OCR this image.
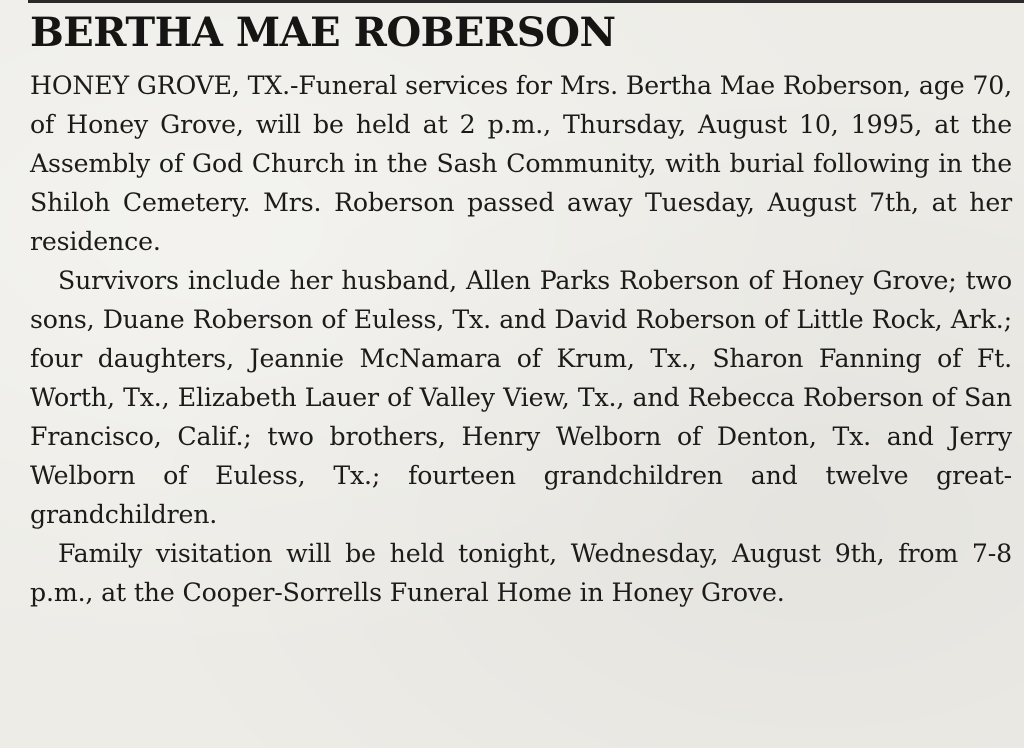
BERTHA MAE ROBERSON

HONEY GROVE, TX.-Funeral services for Mrs. Bertha Mae Roberson, age 70, of Honey Grove, will be held at 2 p.m., Thursday, August 10, 1995, at the Assembly of God Church in the Sash Community, with burial following in the Shiloh Cemetery. Mrs. Roberson passed away Tuesday, August 7th, at her residence.

Survivors include her husband, Allen Parks Roberson of Honey Grove; two sons, Duane Roberson of Euless, Tx. and David Roberson of Little Rock, Ark.; four daughters, Jeannie McNamara of Krum, Tx., Sharon Fanning of Ft. Worth, Tx., Elizabeth Lauer of Valley View, Tx., and Rebecca Roberson of San Francisco, Calif.; two brothers, Henry Welborn of Denton, Tx. and Jerry Welborn of Euless, Tx.; fourteen grandchildren and twelve great-grandchildren.

Family visitation will be held tonight, Wednesday, August 9th, from 7-8 p.m., at the Cooper-Sorrells Funeral Home in Honey Grove.
